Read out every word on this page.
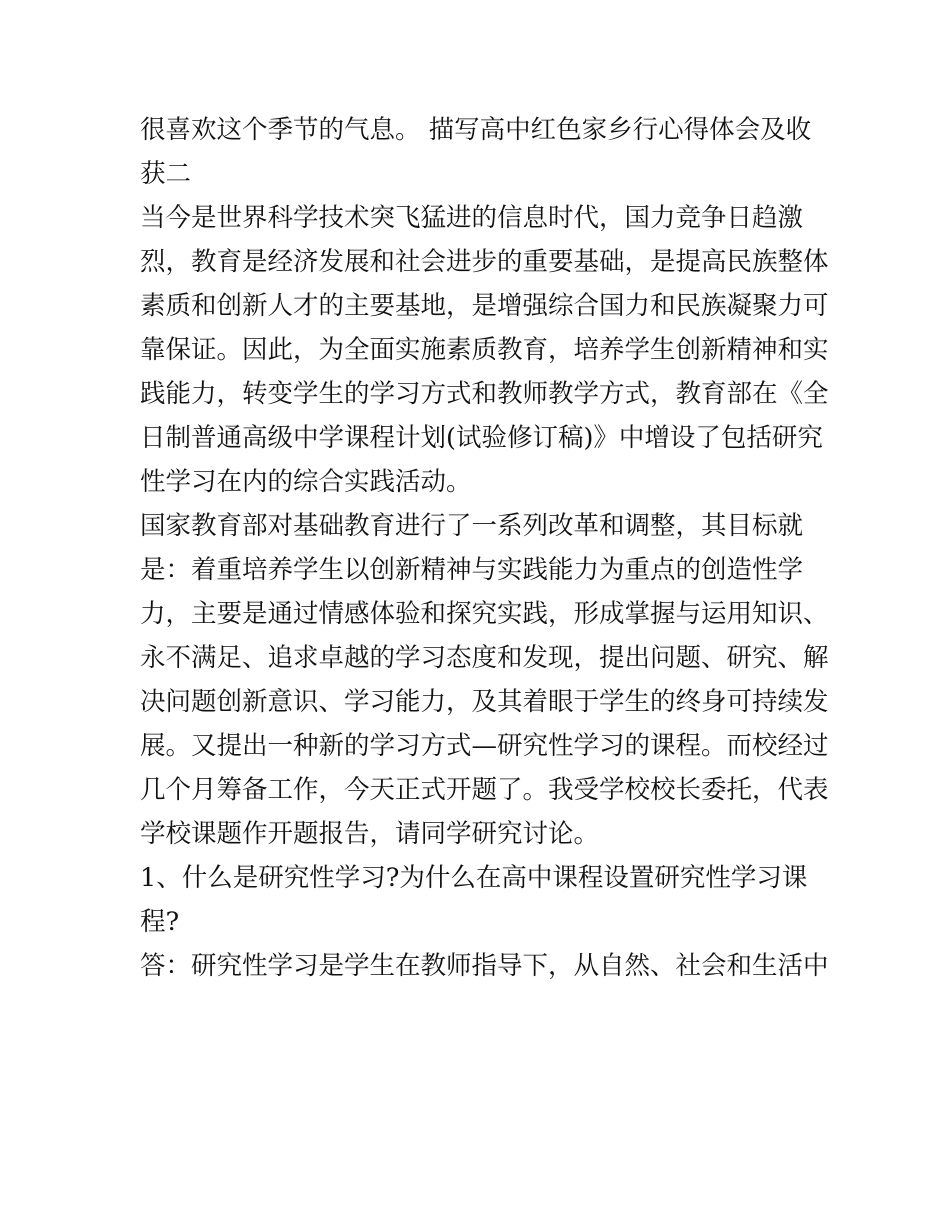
很喜欢这个季节的气息。 描写高中红色家乡行心得体会及收
获二
当今是世界科学技术突飞猛进的信息时代，国力竞争日趋激
烈，教育是经济发展和社会进步的重要基础，是提高民族整体
素质和创新人才的主要基地，是增强综合国力和民族凝聚力可
靠保证。因此，为全面实施素质教育，培养学生创新精神和实
践能力，转变学生的学习方式和教师教学方式，教育部在《全
日制普通高级中学课程计划(试验修订稿)》中增设了包括研究
性学习在内的综合实践活动。
国家教育部对基础教育进行了一系列改革和调整，其目标就
是：着重培养学生以创新精神与实践能力为重点的创造性学
力，主要是通过情感体验和探究实践，形成掌握与运用知识、
永不满足、追求卓越的学习态度和发现，提出问题、研究、解
决问题创新意识、学习能力，及其着眼于学生的终身可持续发
展。又提出一种新的学习方式—研究性学习的课程。而校经过
几个月筹备工作，今天正式开题了。我受学校校长委托，代表
学校课题作开题报告，请同学研究讨论。
1、什么是研究性学习?为什么在高中课程设置研究性学习课
程?
答：研究性学习是学生在教师指导下，从自然、社会和生活中
